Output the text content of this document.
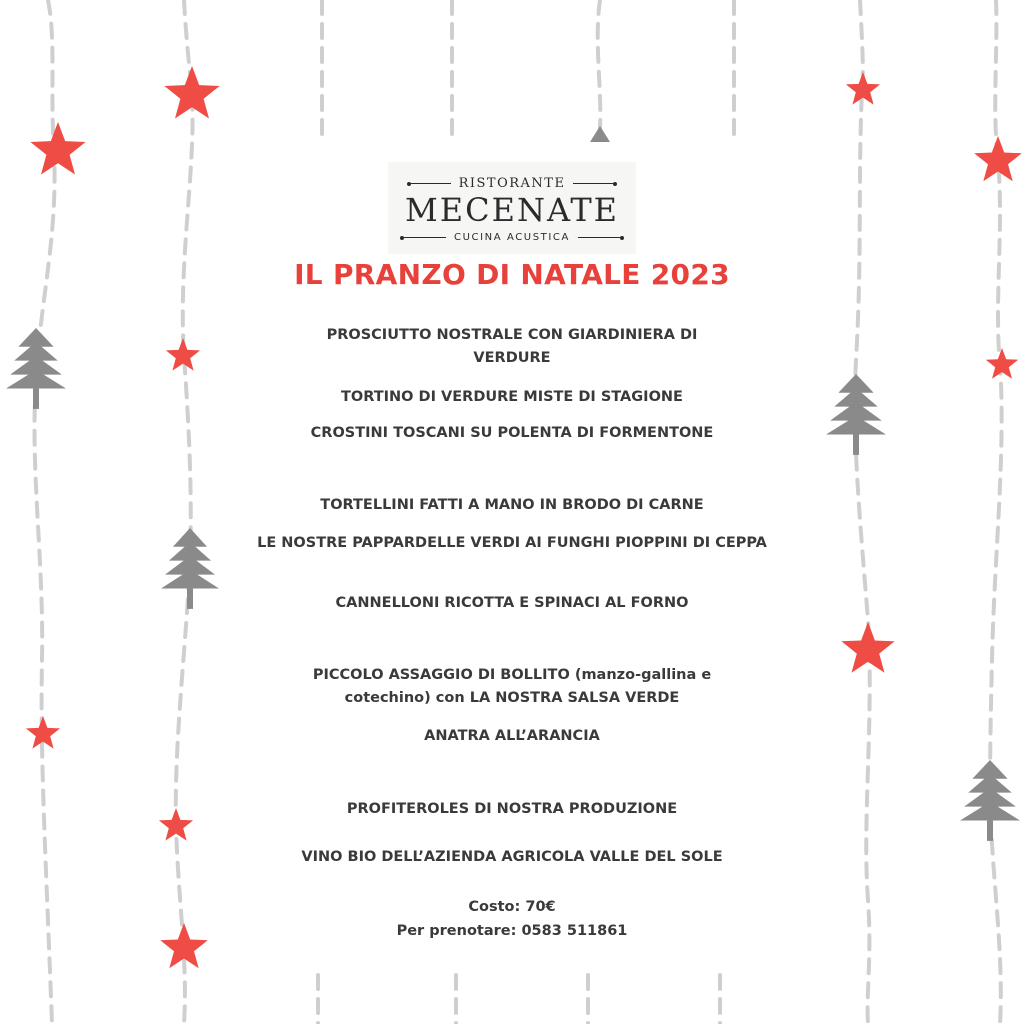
RISTORANTE
MECENATE
CUCINA ACUSTICA
IL PRANZO DI NATALE 2023
PROSCIUTTO NOSTRALE CON GIARDINIERA DI VERDURE
TORTINO DI VERDURE MISTE DI STAGIONE
CROSTINI TOSCANI SU POLENTA DI FORMENTONE
TORTELLINI FATTI A MANO IN BRODO DI CARNE
LE NOSTRE PAPPARDELLE VERDI AI FUNGHI PIOPPINI DI CEPPA
CANNELLONI RICOTTA E SPINACI AL FORNO
PICCOLO ASSAGGIO DI BOLLITO (manzo-gallina e cotechino) con LA NOSTRA SALSA VERDE
ANATRA ALL’ARANCIA
PROFITEROLES DI NOSTRA PRODUZIONE
VINO BIO DELL’AZIENDA AGRICOLA VALLE DEL SOLE
Costo: 70€
Per prenotare: 0583 511861
